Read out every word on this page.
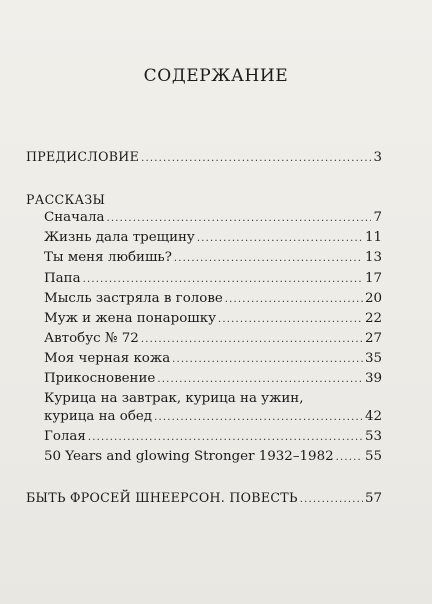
СОДЕРЖАНИЕ
ПРЕДИСЛОВИЕ .....	3
РАССКАЗЫ
Сначала .....	7
Жизнь дала трещину .....	11
Ты меня любишь? .....	13
Папа .....	17
Мысль застряла в голове .....	20
Муж и жена понарошку .....	22
Автобус № 72 .....	27
Моя черная кожа .....	35
Прикосновение .....	39
Курица на завтрак, курица на ужин,
курица на обед .....	42
Голая .....	53
50 Years and glowing Stronger 1932–1982 ..... 55
БЫТЬ ФРОСЕЙ ШНЕЕРСОН. ПОВЕСТЬ .....	57
